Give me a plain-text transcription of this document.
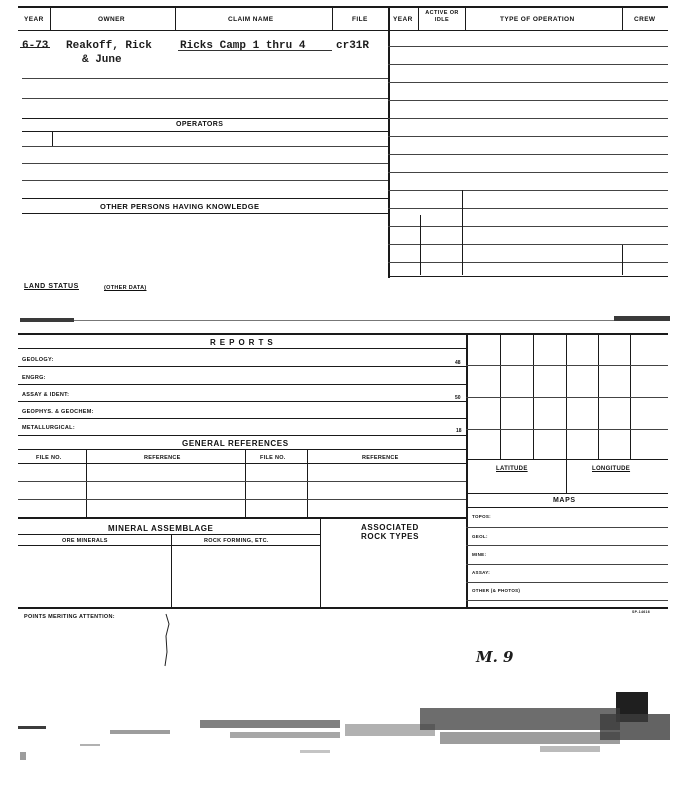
YEAR	OWNER	CLAIM NAME	FILE	YEAR
ACTIVE OR IDLE	TYPE OF OPERATION	CREW
6-73 Reakoff, Rick
& June
Ricks Camp 1 thru 4	cr31R
OPERATORS
OTHER PERSONS HAVING KNOWLEDGE
LAND STATUS	(OTHER DATA)
REPORTS
GEOLOGY:	48
ENGRG:
ASSAY & IDENT:	50
GEOPHYS. & GEOCHEM:
METALLURGICAL:	18
GENERAL REFERENCES
FILE NO.	REFERENCE	FILE NO.	REFERENCE
LATITUDE	LONGITUDE
MAPS
TOPOS:
GEOL:
MINE:
ASSAY:
OTHER (& PHOTOS)
MINERAL ASSEMBLAGE
ORE MINERALS	ROCK FORMING, ETC.
ASSOCIATED
ROCK TYPES
POINTS MERITING ATTENTION:
SP-14616
M. 9
